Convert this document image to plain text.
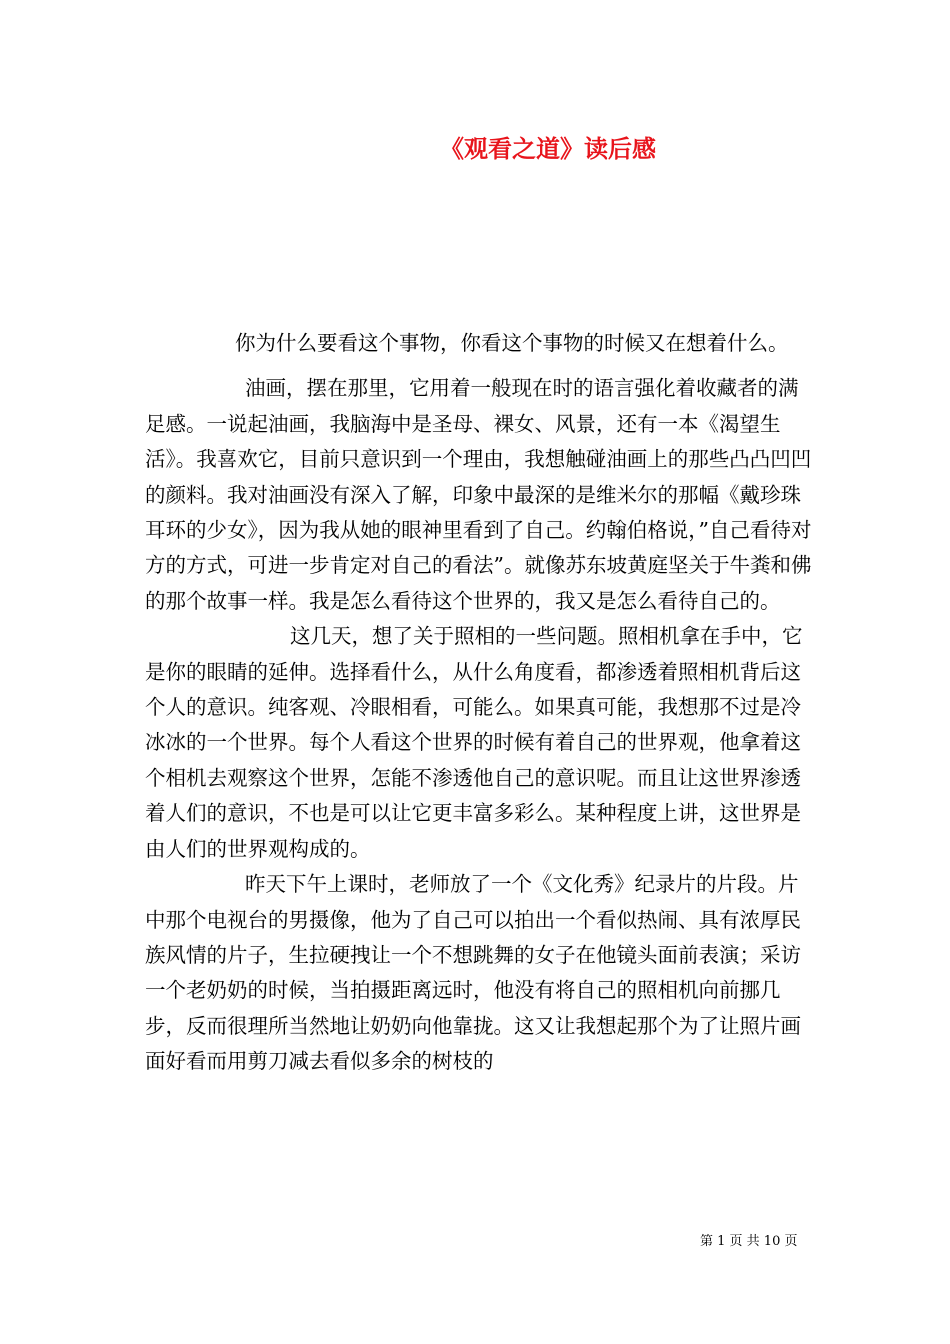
《观看之道》读后感

你为什么要看这个事物，你看这个事物的时候又在想着什么。

油画，摆在那里，它用着一般现在时的语言强化着收藏者的满足感。一说起油画，我脑海中是圣母、裸女、风景，还有一本《渴望生活》。我喜欢它，目前只意识到一个理由，我想触碰油画上的那些凸凸凹凹的颜料。我对油画没有深入了解，印象中最深的是维米尔的那幅《戴珍珠耳环的少女》，因为我从她的眼神里看到了自己。约翰伯格说，”自己看待对方的方式，可进一步肯定对自己的看法”。就像苏东坡黄庭坚关于牛粪和佛的那个故事一样。我是怎么看待这个世界的，我又是怎么看待自己的。

这几天，想了关于照相的一些问题。照相机拿在手中，它是你的眼睛的延伸。选择看什么，从什么角度看，都渗透着照相机背后这个人的意识。纯客观、冷眼相看，可能么。如果真可能，我想那不过是冷冰冰的一个世界。每个人看这个世界的时候有着自己的世界观，他拿着这个相机去观察这个世界，怎能不渗透他自己的意识呢。而且让这世界渗透着人们的意识，不也是可以让它更丰富多彩么。某种程度上讲，这世界是由人们的世界观构成的。

昨天下午上课时，老师放了一个《文化秀》纪录片的片段。片中那个电视台的男摄像，他为了自己可以拍出一个看似热闹、具有浓厚民族风情的片子，生拉硬拽让一个不想跳舞的女子在他镜头面前表演；采访一个老奶奶的时候，当拍摄距离远时，他没有将自己的照相机向前挪几步，反而很理所当然地让奶奶向他靠拢。这又让我想起那个为了让照片画面好看而用剪刀减去看似多余的树枝的

第 1 页 共 10 页
